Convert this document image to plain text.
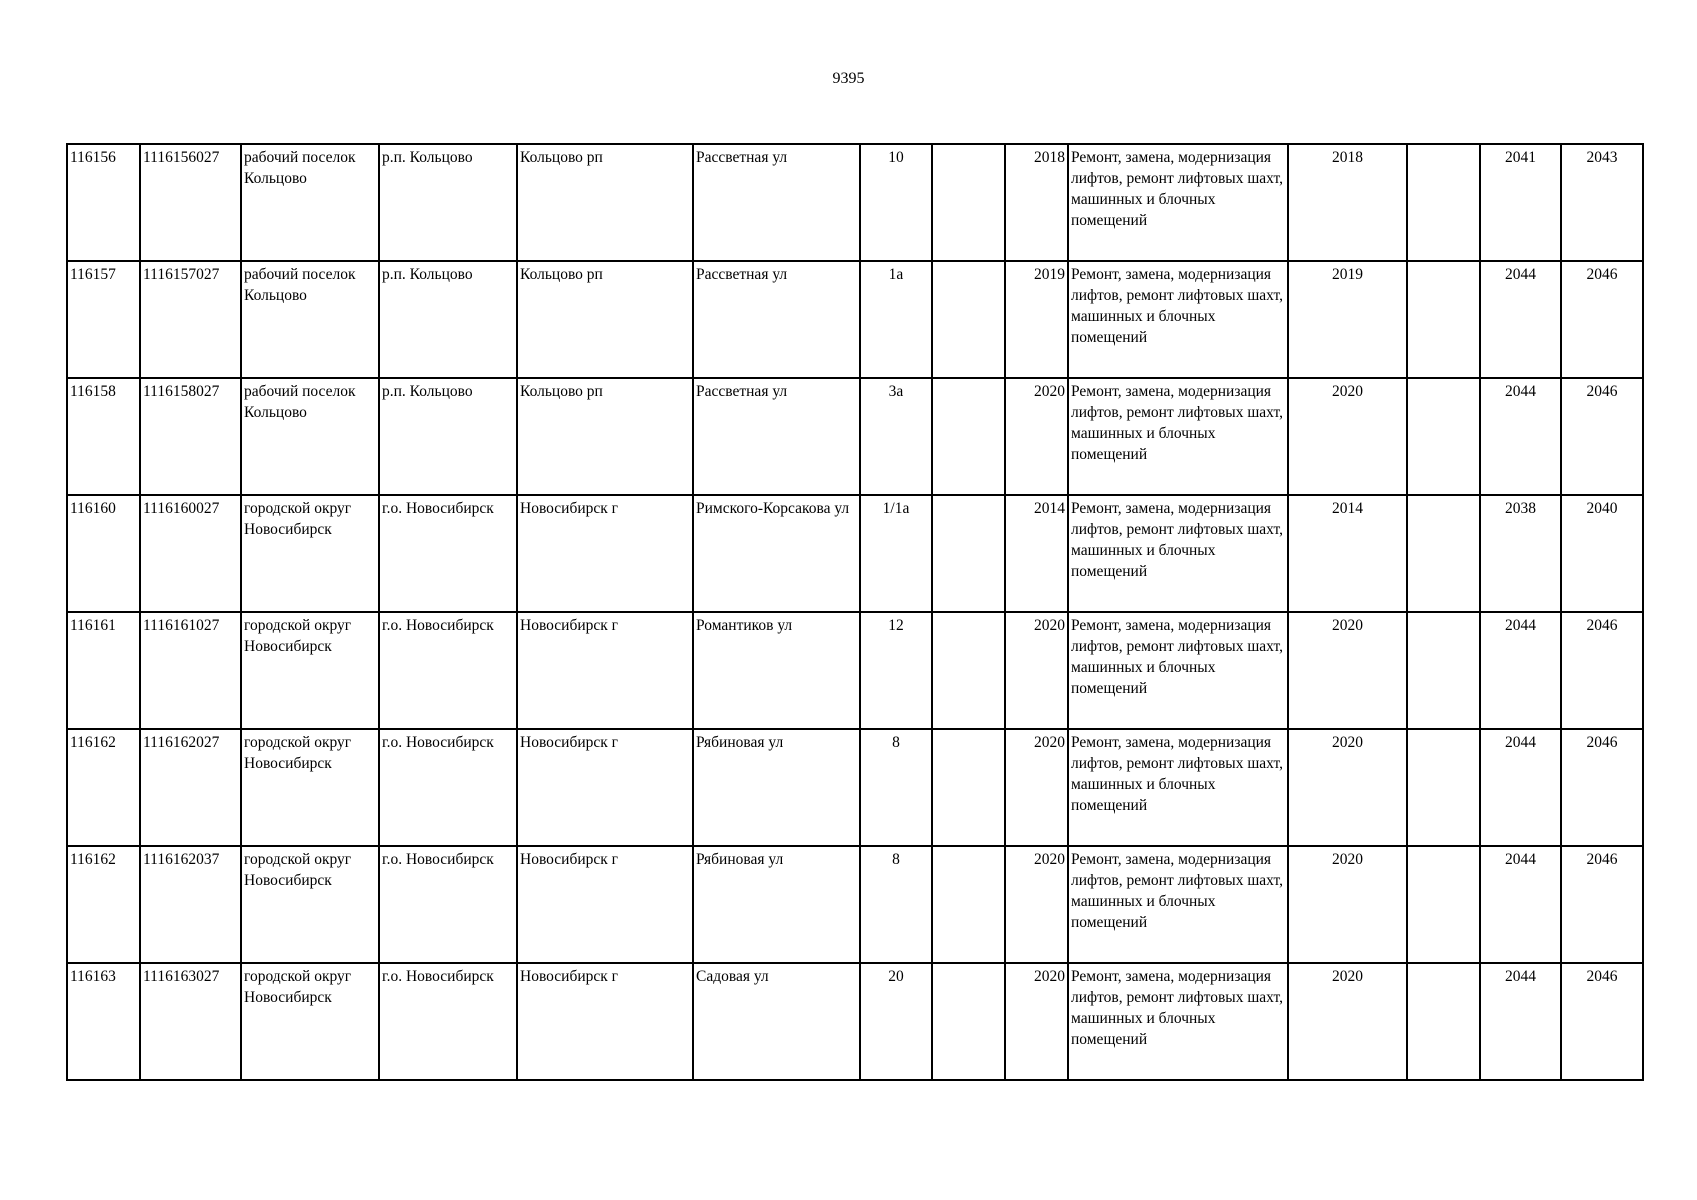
9395
116156	1116156027	рабочий поселок Кольцово	р.п. Кольцово	Кольцово рп	Рассветная ул	10		2018	Ремонт, замена, модернизация лифтов, ремонт лифтовых шахт, машинных и блочных помещений	2018		2041	2043
116157	1116157027	рабочий поселок Кольцово	р.п. Кольцово	Кольцово рп	Рассветная ул	1а		2019	Ремонт, замена, модернизация лифтов, ремонт лифтовых шахт, машинных и блочных помещений	2019		2044	2046
116158	1116158027	рабочий поселок Кольцово	р.п. Кольцово	Кольцово рп	Рассветная ул	3а		2020	Ремонт, замена, модернизация лифтов, ремонт лифтовых шахт, машинных и блочных помещений	2020		2044	2046
116160	1116160027	городской округ Новосибирск	г.о. Новосибирск	Новосибирск г	Римского-Корсакова ул	1/1а		2014	Ремонт, замена, модернизация лифтов, ремонт лифтовых шахт, машинных и блочных помещений	2014		2038	2040
116161	1116161027	городской округ Новосибирск	г.о. Новосибирск	Новосибирск г	Романтиков ул	12		2020	Ремонт, замена, модернизация лифтов, ремонт лифтовых шахт, машинных и блочных помещений	2020		2044	2046
116162	1116162027	городской округ Новосибирск	г.о. Новосибирск	Новосибирск г	Рябиновая ул	8		2020	Ремонт, замена, модернизация лифтов, ремонт лифтовых шахт, машинных и блочных помещений	2020		2044	2046
116162	1116162037	городской округ Новосибирск	г.о. Новосибирск	Новосибирск г	Рябиновая ул	8		2020	Ремонт, замена, модернизация лифтов, ремонт лифтовых шахт, машинных и блочных помещений	2020		2044	2046
116163	1116163027	городской округ Новосибирск	г.о. Новосибирск	Новосибирск г	Садовая ул	20		2020	Ремонт, замена, модернизация лифтов, ремонт лифтовых шахт, машинных и блочных помещений	2020		2044	2046
